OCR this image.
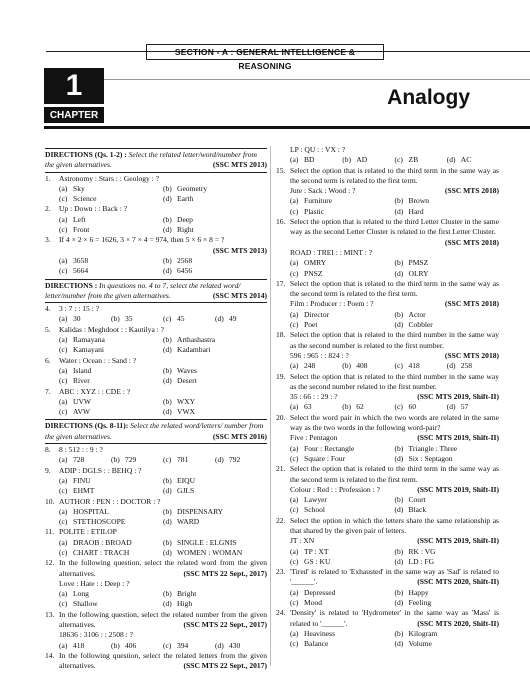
SECTION - A : GENERAL INTELLIGENCE & REASONING
1
CHAPTER
Analogy
DIRECTIONS (Qs. 1-2) : Select the related letter/word/number from the given alternatives.	(SSC MTS 2013)
1.	Astronomy : Stars : : Geology : ?
(a) Sky	(b) Geometry
(c) Science	(d) Earth
2.	Up : Down : : Back : ?
(a) Left	(b) Deep
(c) Front	(d) Right
3.	If 4 × 2 × 6 = 1626, 3 × 7 × 4 = 974, then 5 × 6 × 8 = ?
(SSC MTS 2013)
(a) 3658	(b) 2568
(c) 5664	(d) 6456
DIRECTIONS : In questions no. 4 to 7, select the related word/ letter/number from the given alternatives.	(SSC MTS 2014)
4.	3 : 7 : : 15 : ?
(a) 30	(b) 35	(c) 45	(d) 49
5.	Kalidas : Meghdoot : : Kautilya : ?
(a) Ramayana	(b) Arthashastra
(c) Kamayani	(d) Kadambari
6.	Water : Ocean : : Sand : ?
(a) Island	(b) Waves
(c) River	(d) Desert
7.	ABC : XYZ : : CDE : ?
(a) UVW	(b) WXY
(c) AVW	(d) VWX
DIRECTIONS (Qs. 8-11): Select the related word/letters/ number from the given alternatives.	(SSC MTS 2016)
8.	8 : 512 : : 9 : ?
(a) 728	(b) 729	(c) 781	(d) 792
9.	ADIP : DGLS : : BEHQ : ?
(a) FINU	(b) EIQU
(c) EHMT	(d) GJLS
10. AUTHOR : PEN : : DOCTOR : ?
(a) HOSPITAL	(b) DISPENSARY
(c) STETHOSCOPE	(d) WARD
11. POLITE : ETILOP
(a) DRAOB : BROAD	(b) SINGLE : ELGNIS
(c) CHART : TRACH	(d) WOMEN : WOMAN
12. In the following question, select the related word from the given alternatives.	(SSC MTS 22 Sept., 2017)
Love : Hate : : Deep : ?
(a) Long	(b) Bright
(c) Shallow	(d) High
13. In the following question, select the related number from the given alternatives.	(SSC MTS 22 Sept., 2017)
18636 : 3106 : : 2508 : ?
(a) 418	(b) 406	(c) 394	(d) 430
14. In the following question, select the related letters from the given alternatives.	(SSC MTS 22 Sept., 2017)
LP : QU : : VX : ?
(a) BD	(b) AD	(c) ZB	(d) AC
15. Select the option that is related to the third term in the same way as the second term is related to the first term.
Jute : Sack : Wood : ?	(SSC MTS 2018)
(a) Furniture	(b) Brown
(c) Plastic	(d) Hard
16. Select the option that is related to the third Letter Cluster in the same way as the second Letter Cluster is related to the first Letter Cluster.
(SSC MTS 2018)
ROAD : TREI : : MINT : ?
(a) OMRY	(b) PMSZ
(c) PNSZ	(d) OLRY
17. Select the option that is related to the third term in the same way as the second term is related to the first term.
Film : Producer : : Poem : ?	(SSC MTS 2018)
(a) Director	(b) Actor
(c) Poet	(d) Cobbler
18. Select the option that is related to the third number in the same way as the second number is related to the first number.
596 : 965 : : 824 : ?	(SSC MTS 2018)
(a) 248	(b) 408	(c) 418	(d) 258
19. Select the option that is related to the third number in the same way as the second number related to the first number.
35 : 66 : : 29 : ?	(SSC MTS 2019, Shift-II)
(a) 63	(b) 62	(c) 60	(d) 57
20. Select the word pair in which the two words are related in the same way as the two words in the following word-pair?
Five : Pentagon	(SSC MTS 2019, Shift-II)
(a) Four : Rectangle	(b) Triangle : Three
(c) Square : Four	(d) Six : Septagon
21. Select the option that is related to the third term in the same way as the second term is related to the first term.
Colour : Red : : Profession : ?	(SSC MTS 2019, Shift-II)
(a) Lawyer	(b) Court
(c) School	(d) Black
22. Select the option in which the letters share the same relationship as that shared by the given pair of letters.
JT : XN	(SSC MTS 2019, Shift-II)
(a) TP : XT	(b) RK : VG
(c) GS : KU	(d) LD : FG
23. 'Tired' is related to 'Exhausted' in the same way as 'Sad' is related to '______'.	(SSC MTS 2020, Shift-II)
(a) Depressed	(b) Happy
(c) Mood	(d) Feeling
24. 'Density' is related to 'Hydrometer' in the same way as 'Mass' is related to '______'.	(SSC MTS 2020, Shift-II)
(a) Heaviness	(b) Kilogram
(c) Balance	(d) Volume
